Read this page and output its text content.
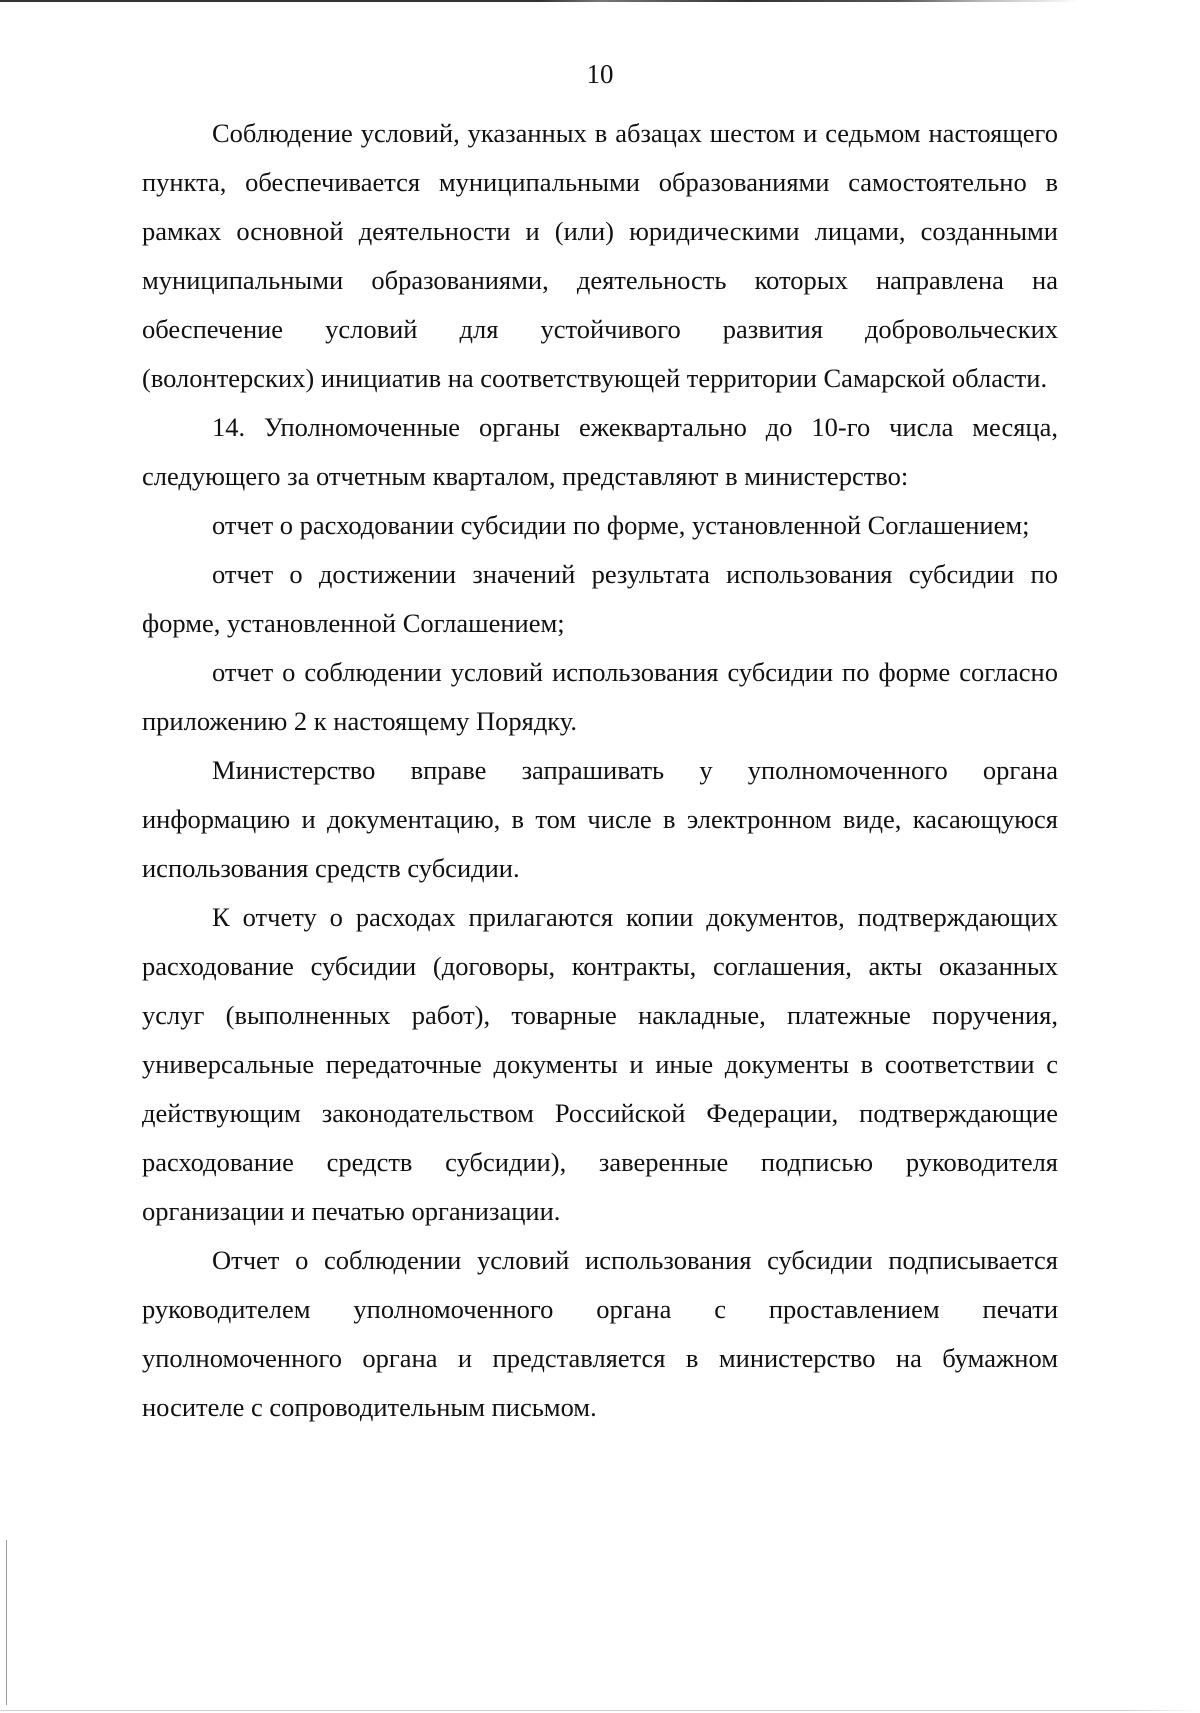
10

Соблюдение условий, указанных в абзацах шестом и седьмом настоящего пункта, обеспечивается муниципальными образованиями самостоятельно в рамках основной деятельности и (или) юридическими лицами, созданными муниципальными образованиями, деятельность которых направлена на обеспечение условий для устойчивого развития добровольческих (волонтерских) инициатив на соответствующей территории Самарской области.

14. Уполномоченные органы ежеквартально до 10-го числа месяца, следующего за отчетным кварталом, представляют в министерство:

отчет о расходовании субсидии по форме, установленной Соглашением;

отчет о достижении значений результата использования субсидии по форме, установленной Соглашением;

отчет о соблюдении условий использования субсидии по форме согласно приложению 2 к настоящему Порядку.

Министерство вправе запрашивать у уполномоченного органа информацию и документацию, в том числе в электронном виде, касающуюся использования средств субсидии.

К отчету о расходах прилагаются копии документов, подтверждающих расходование субсидии (договоры, контракты, соглашения, акты оказанных услуг (выполненных работ), товарные накладные, платежные поручения, универсальные передаточные документы и иные документы в соответствии с действующим законодательством Российской Федерации, подтверждающие расходование средств субсидии), заверенные подписью руководителя организации и печатью организации.

Отчет о соблюдении условий использования субсидии подписывается руководителем уполномоченного органа с проставлением печати уполномоченного органа и представляется в министерство на бумажном носителе с сопроводительным письмом.
